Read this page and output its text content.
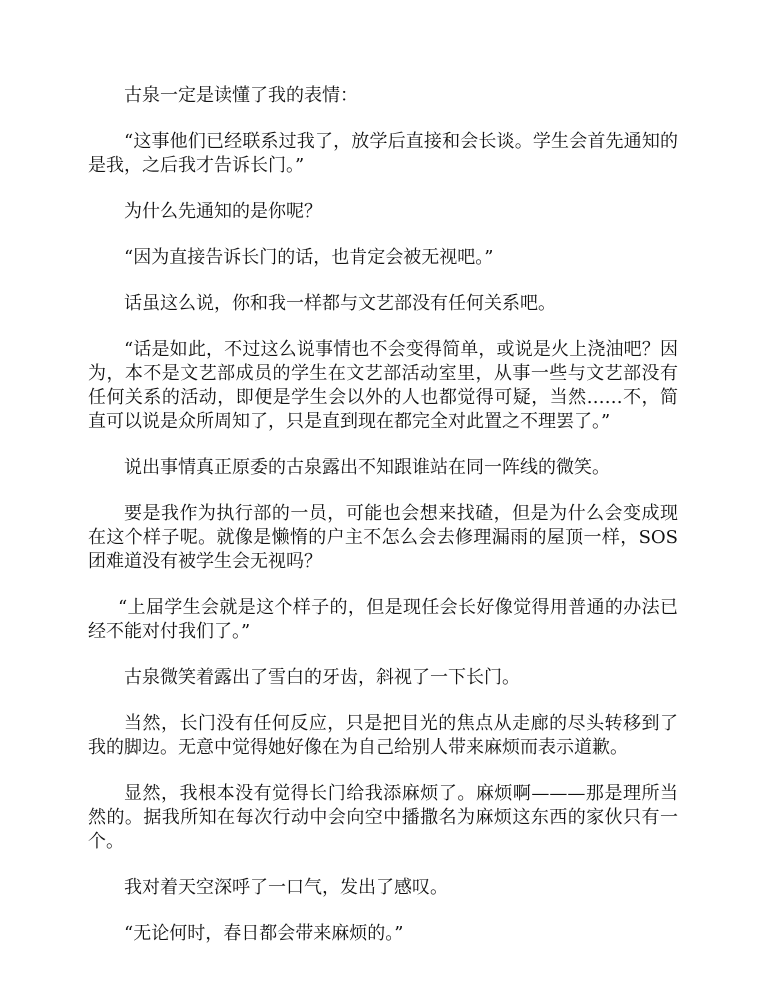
古泉一定是读懂了我的表情：

“这事他们已经联系过我了，放学后直接和会长谈。学生会首先通知的是我，之后我才告诉长门。”

为什么先通知的是你呢？

“因为直接告诉长门的话，也肯定会被无视吧。”

话虽这么说，你和我一样都与文艺部没有任何关系吧。

“话是如此，不过这么说事情也不会变得简单，或说是火上浇油吧？因为，本不是文艺部成员的学生在文艺部活动室里，从事一些与文艺部没有任何关系的活动，即便是学生会以外的人也都觉得可疑，当然……不，简直可以说是众所周知了，只是直到现在都完全对此置之不理罢了。”

说出事情真正原委的古泉露出不知跟谁站在同一阵线的微笑。

要是我作为执行部的一员，可能也会想来找碴，但是为什么会变成现在这个样子呢。就像是懒惰的户主不怎么会去修理漏雨的屋顶一样，SOS团难道没有被学生会无视吗？

“上届学生会就是这个样子的，但是现任会长好像觉得用普通的办法已经不能对付我们了。”

古泉微笑着露出了雪白的牙齿，斜视了一下长门。

当然，长门没有任何反应，只是把目光的焦点从走廊的尽头转移到了我的脚边。无意中觉得她好像在为自己给别人带来麻烦而表示道歉。

显然，我根本没有觉得长门给我添麻烦了。麻烦啊———那是理所当然的。据我所知在每次行动中会向空中播撒名为麻烦这东西的家伙只有一个。

我对着天空深呼了一口气，发出了感叹。

“无论何时，春日都会带来麻烦的。”
